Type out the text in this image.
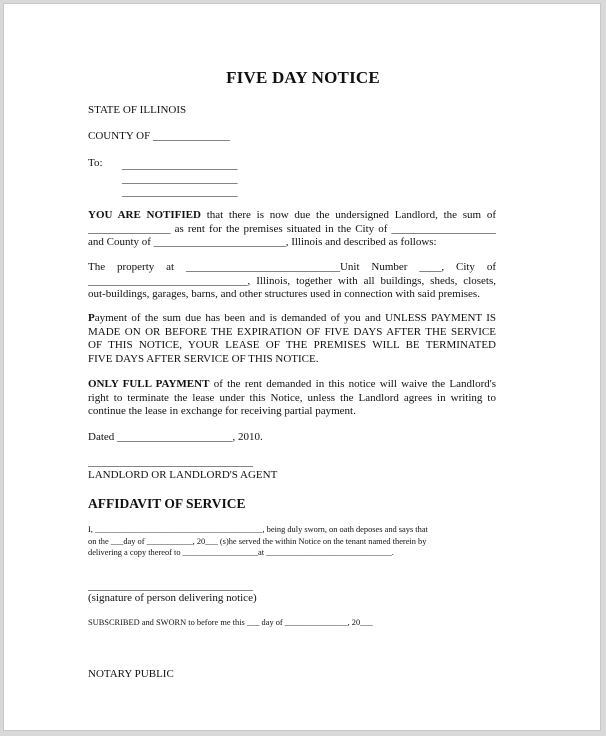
FIVE DAY NOTICE
STATE OF ILLINOIS
COUNTY OF ______________
To: _____________________
_____________________
_____________________
YOU ARE NOTIFIED that there is now due the undersigned Landlord, the sum of
_______________ as rent for the premises situated in the City of ___________________
and County of ________________________, Illinois and described as follows:
The property at ____________________________Unit Number ____, City of
_____________________________, Illinois, together with all buildings, sheds, closets,
out-buildings, garages, barns, and other structures used in connection with said premises.
Payment of the sum due has been and is demanded of you and UNLESS PAYMENT IS
MADE ON OR BEFORE THE EXPIRATION OF FIVE DAYS AFTER THE SERVICE
OF THIS NOTICE, YOUR LEASE OF THE PREMISES WILL BE TERMINATED
FIVE DAYS AFTER SERVICE OF THIS NOTICE.
ONLY FULL PAYMENT of the rent demanded in this notice will waive the Landlord's
right to terminate the lease under this Notice, unless the Landlord agrees in writing to
continue the lease in exchange for receiving partial payment.
Dated _____________________, 2010.
______________________________
LANDLORD OR LANDLORD'S AGENT
AFFIDAVIT OF SERVICE
I, ________________________________________, being duly sworn, on oath deposes and says that
on the ___day of ___________, 20___ (s)he served the within Notice on the tenant named therein by
delivering a copy thereof to __________________at ______________________________.
______________________________
(signature of person delivering notice)
SUBSCRIBED and SWORN to before me this ___ day of _______________, 20___
NOTARY PUBLIC
